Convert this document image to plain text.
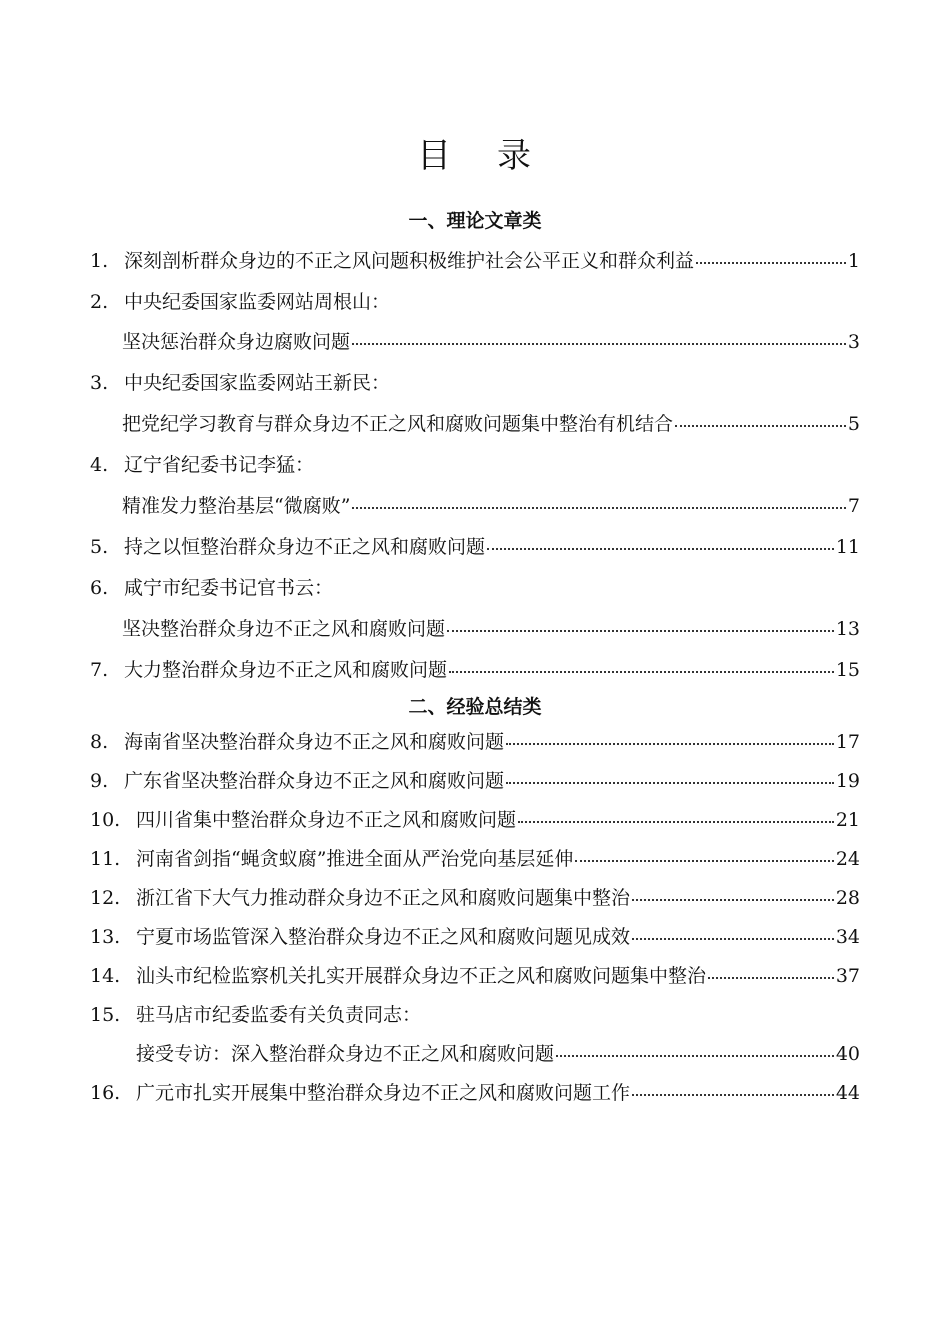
目 录
一、理论文章类
1. 深刻剖析群众身边的不正之风问题积极维护社会公平正义和群众利益	1
2. 中央纪委国家监委网站周根山：
坚决惩治群众身边腐败问题	3
3. 中央纪委国家监委网站王新民：
把党纪学习教育与群众身边不正之风和腐败问题集中整治有机结合	5
4. 辽宁省纪委书记李猛：
精准发力整治基层“微腐败”	7
5. 持之以恒整治群众身边不正之风和腐败问题	11
6. 咸宁市纪委书记官书云：
坚决整治群众身边不正之风和腐败问题	13
7. 大力整治群众身边不正之风和腐败问题	15
二、经验总结类
8. 海南省坚决整治群众身边不正之风和腐败问题	17
9. 广东省坚决整治群众身边不正之风和腐败问题	19
10. 四川省集中整治群众身边不正之风和腐败问题	21
11. 河南省剑指“蝇贪蚁腐”推进全面从严治党向基层延伸	24
12. 浙江省下大气力推动群众身边不正之风和腐败问题集中整治	28
13. 宁夏市场监管深入整治群众身边不正之风和腐败问题见成效	34
14. 汕头市纪检监察机关扎实开展群众身边不正之风和腐败问题集中整治	37
15. 驻马店市纪委监委有关负责同志：
接受专访：深入整治群众身边不正之风和腐败问题	40
16. 广元市扎实开展集中整治群众身边不正之风和腐败问题工作	44
